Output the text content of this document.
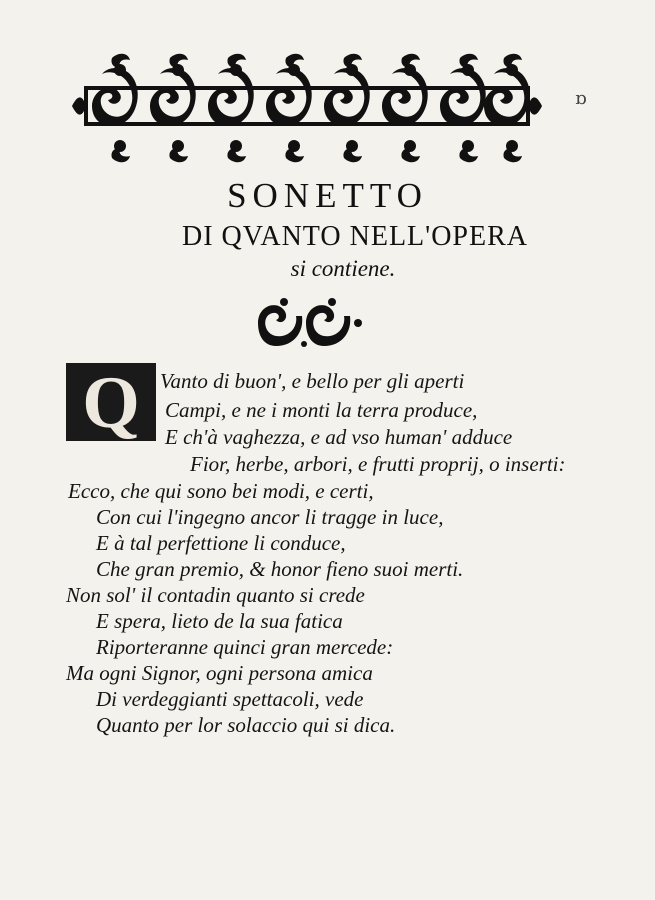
ɒ
SONETTO
DI QVANTO NELL'OPERA
si contiene.
Q Vanto di buon', e bello per gli aperti
Campi, e ne i monti la terra produce,
E ch'à vaghezza, e ad vso human' adduce
Fior, herbe, arbori, e frutti proprij, o inserti:
Ecco, che qui sono bei modi, e certi,
Con cui l'ingegno ancor li tragge in luce,
E à tal perfettione li conduce,
Che gran premio, & honor fieno suoi merti.
Non sol' il contadin quanto si crede
E spera, lieto de la sua fatica
Riporteranne quinci gran mercede:
Ma ogni Signor, ogni persona amica
Di verdeggianti spettacoli, vede
Quanto per lor solaccio qui si dica.
